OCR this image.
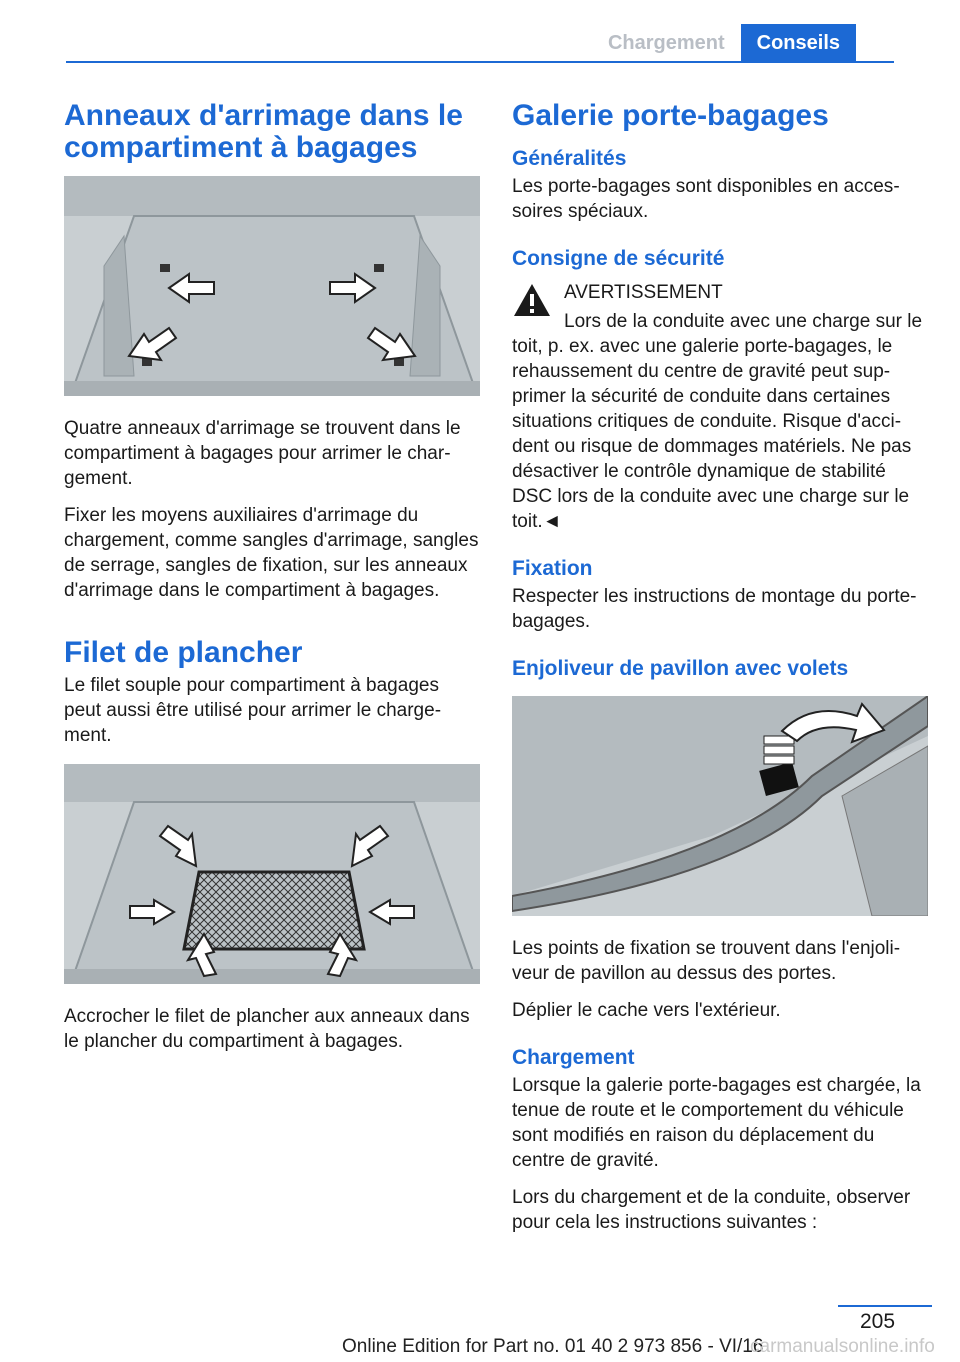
Chargement	Conseils
Anneaux d'arrimage dans le compartiment à bagages

Quatre anneaux d'arrimage se trouvent dans le compartiment à bagages pour arrimer le chargement.

Fixer les moyens auxiliaires d'arrimage du chargement, comme sangles d'arrimage, sangles de serrage, sangles de fixation, sur les anneaux d'arrimage dans le compartiment à bagages.

Filet de plancher

Le filet souple pour compartiment à bagages peut aussi être utilisé pour arrimer le chargement.

Accrocher le filet de plancher aux anneaux dans le plancher du compartiment à bagages.

Galerie porte-bagages
Généralités

Les porte-bagages sont disponibles en accessoires spéciaux.

Consigne de sécurité

AVERTISSEMENT

Lors de la conduite avec une charge sur le toit, p. ex. avec une galerie porte-bagages, le rehaussement du centre de gravité peut supprimer la sécurité de conduite dans certaines situations critiques de conduite. Risque d'accident ou risque de dommages matériels. Ne pas désactiver le contrôle dynamique de stabilité DSC lors de la conduite avec une charge sur le toit.◄

Fixation

Respecter les instructions de montage du porte-bagages.

Enjoliveur de pavillon avec volets

Les points de fixation se trouvent dans l'enjoliveur de pavillon au dessus des portes.

Déplier le cache vers l'extérieur.

Chargement

Lorsque la galerie porte-bagages est chargée, la tenue de route et le comportement du véhicule sont modifiés en raison du déplacement du centre de gravité.

Lors du chargement et de la conduite, observer pour cela les instructions suivantes :

205
Online Edition for Part no. 01 40 2 973 856 - VI/16
carmanualsonline.info
